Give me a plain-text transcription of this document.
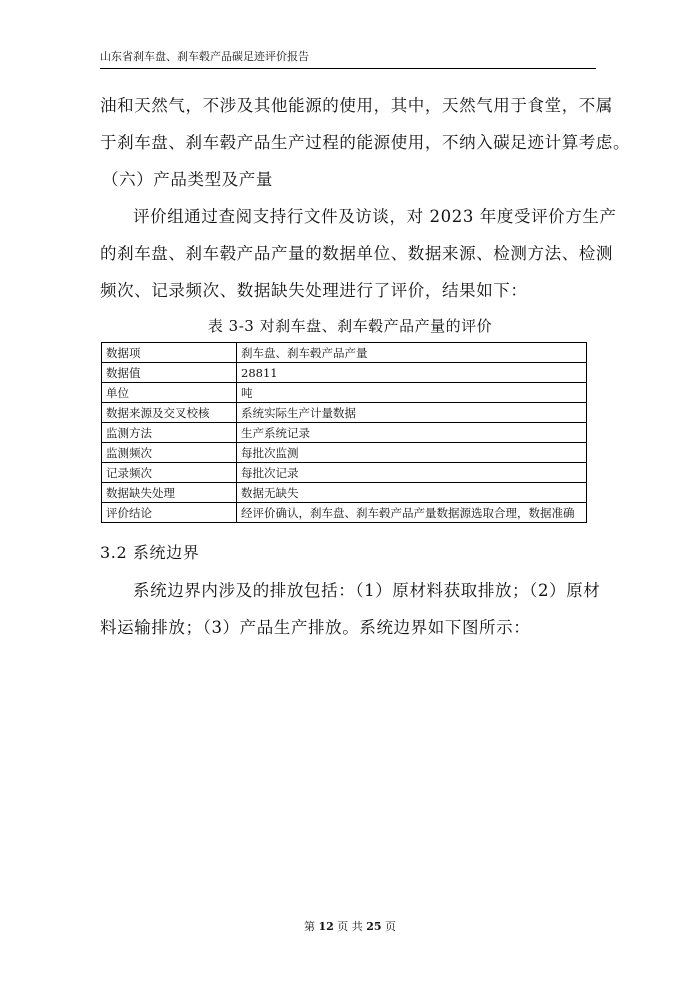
山东省刹车盘、刹车毂产品碳足迹评价报告
油和天然气，不涉及其他能源的使用，其中，天然气用于食堂，不属
于刹车盘、刹车毂产品生产过程的能源使用，不纳入碳足迹计算考虑。
（六）产品类型及产量
评价组通过查阅支持行文件及访谈，对 2023 年度受评价方生产
的刹车盘、刹车毂产品产量的数据单位、数据来源、检测方法、检测
频次、记录频次、数据缺失处理进行了评价，结果如下：
表 3-3 对刹车盘、刹车毂产品产量的评价
数据项	刹车盘、刹车毂产品产量
数据值	28811
单位	吨
数据来源及交叉校核	系统实际生产计量数据
监测方法	生产系统记录
监测频次	每批次监测
记录频次	每批次记录
数据缺失处理	数据无缺失
评价结论	经评价确认，刹车盘、刹车毂产品产量数据源选取合理，数据准确
3.2 系统边界
系统边界内涉及的排放包括：（1）原材料获取排放；（2）原材
料运输排放；（3）产品生产排放。系统边界如下图所示：
第 12 页 共 25 页
